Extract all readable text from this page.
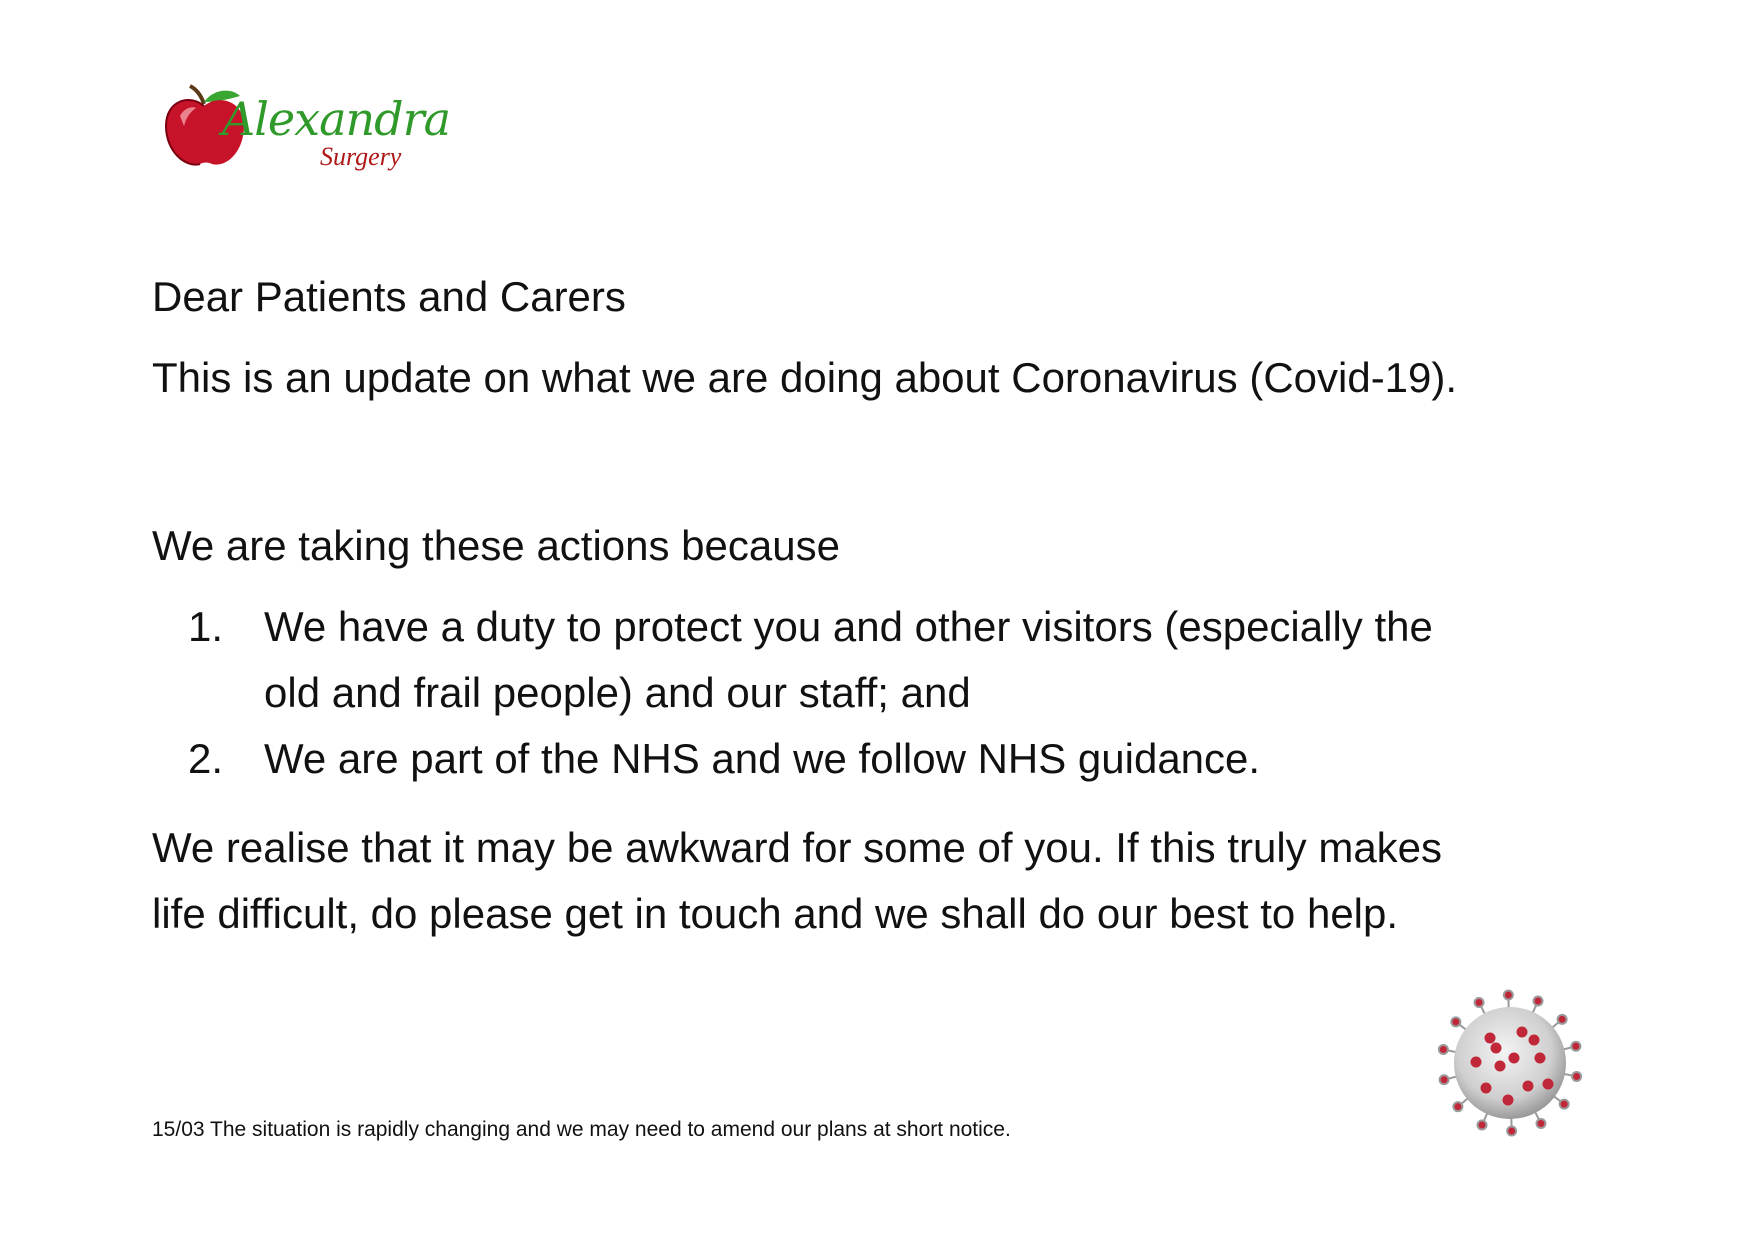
Alexandra
Surgery
Dear Patients and Carers
This is an update on what we are doing about Coronavirus (Covid-19).
We are taking these actions because
1. We have a duty to protect you and other visitors (especially the
old and frail people) and our staff; and
2. We are part of the NHS and we follow NHS guidance.
We realise that it may be awkward for some of you. If this truly makes
life difficult, do please get in touch and we shall do our best to help.
15/03 The situation is rapidly changing and we may need to amend our plans at short notice.
